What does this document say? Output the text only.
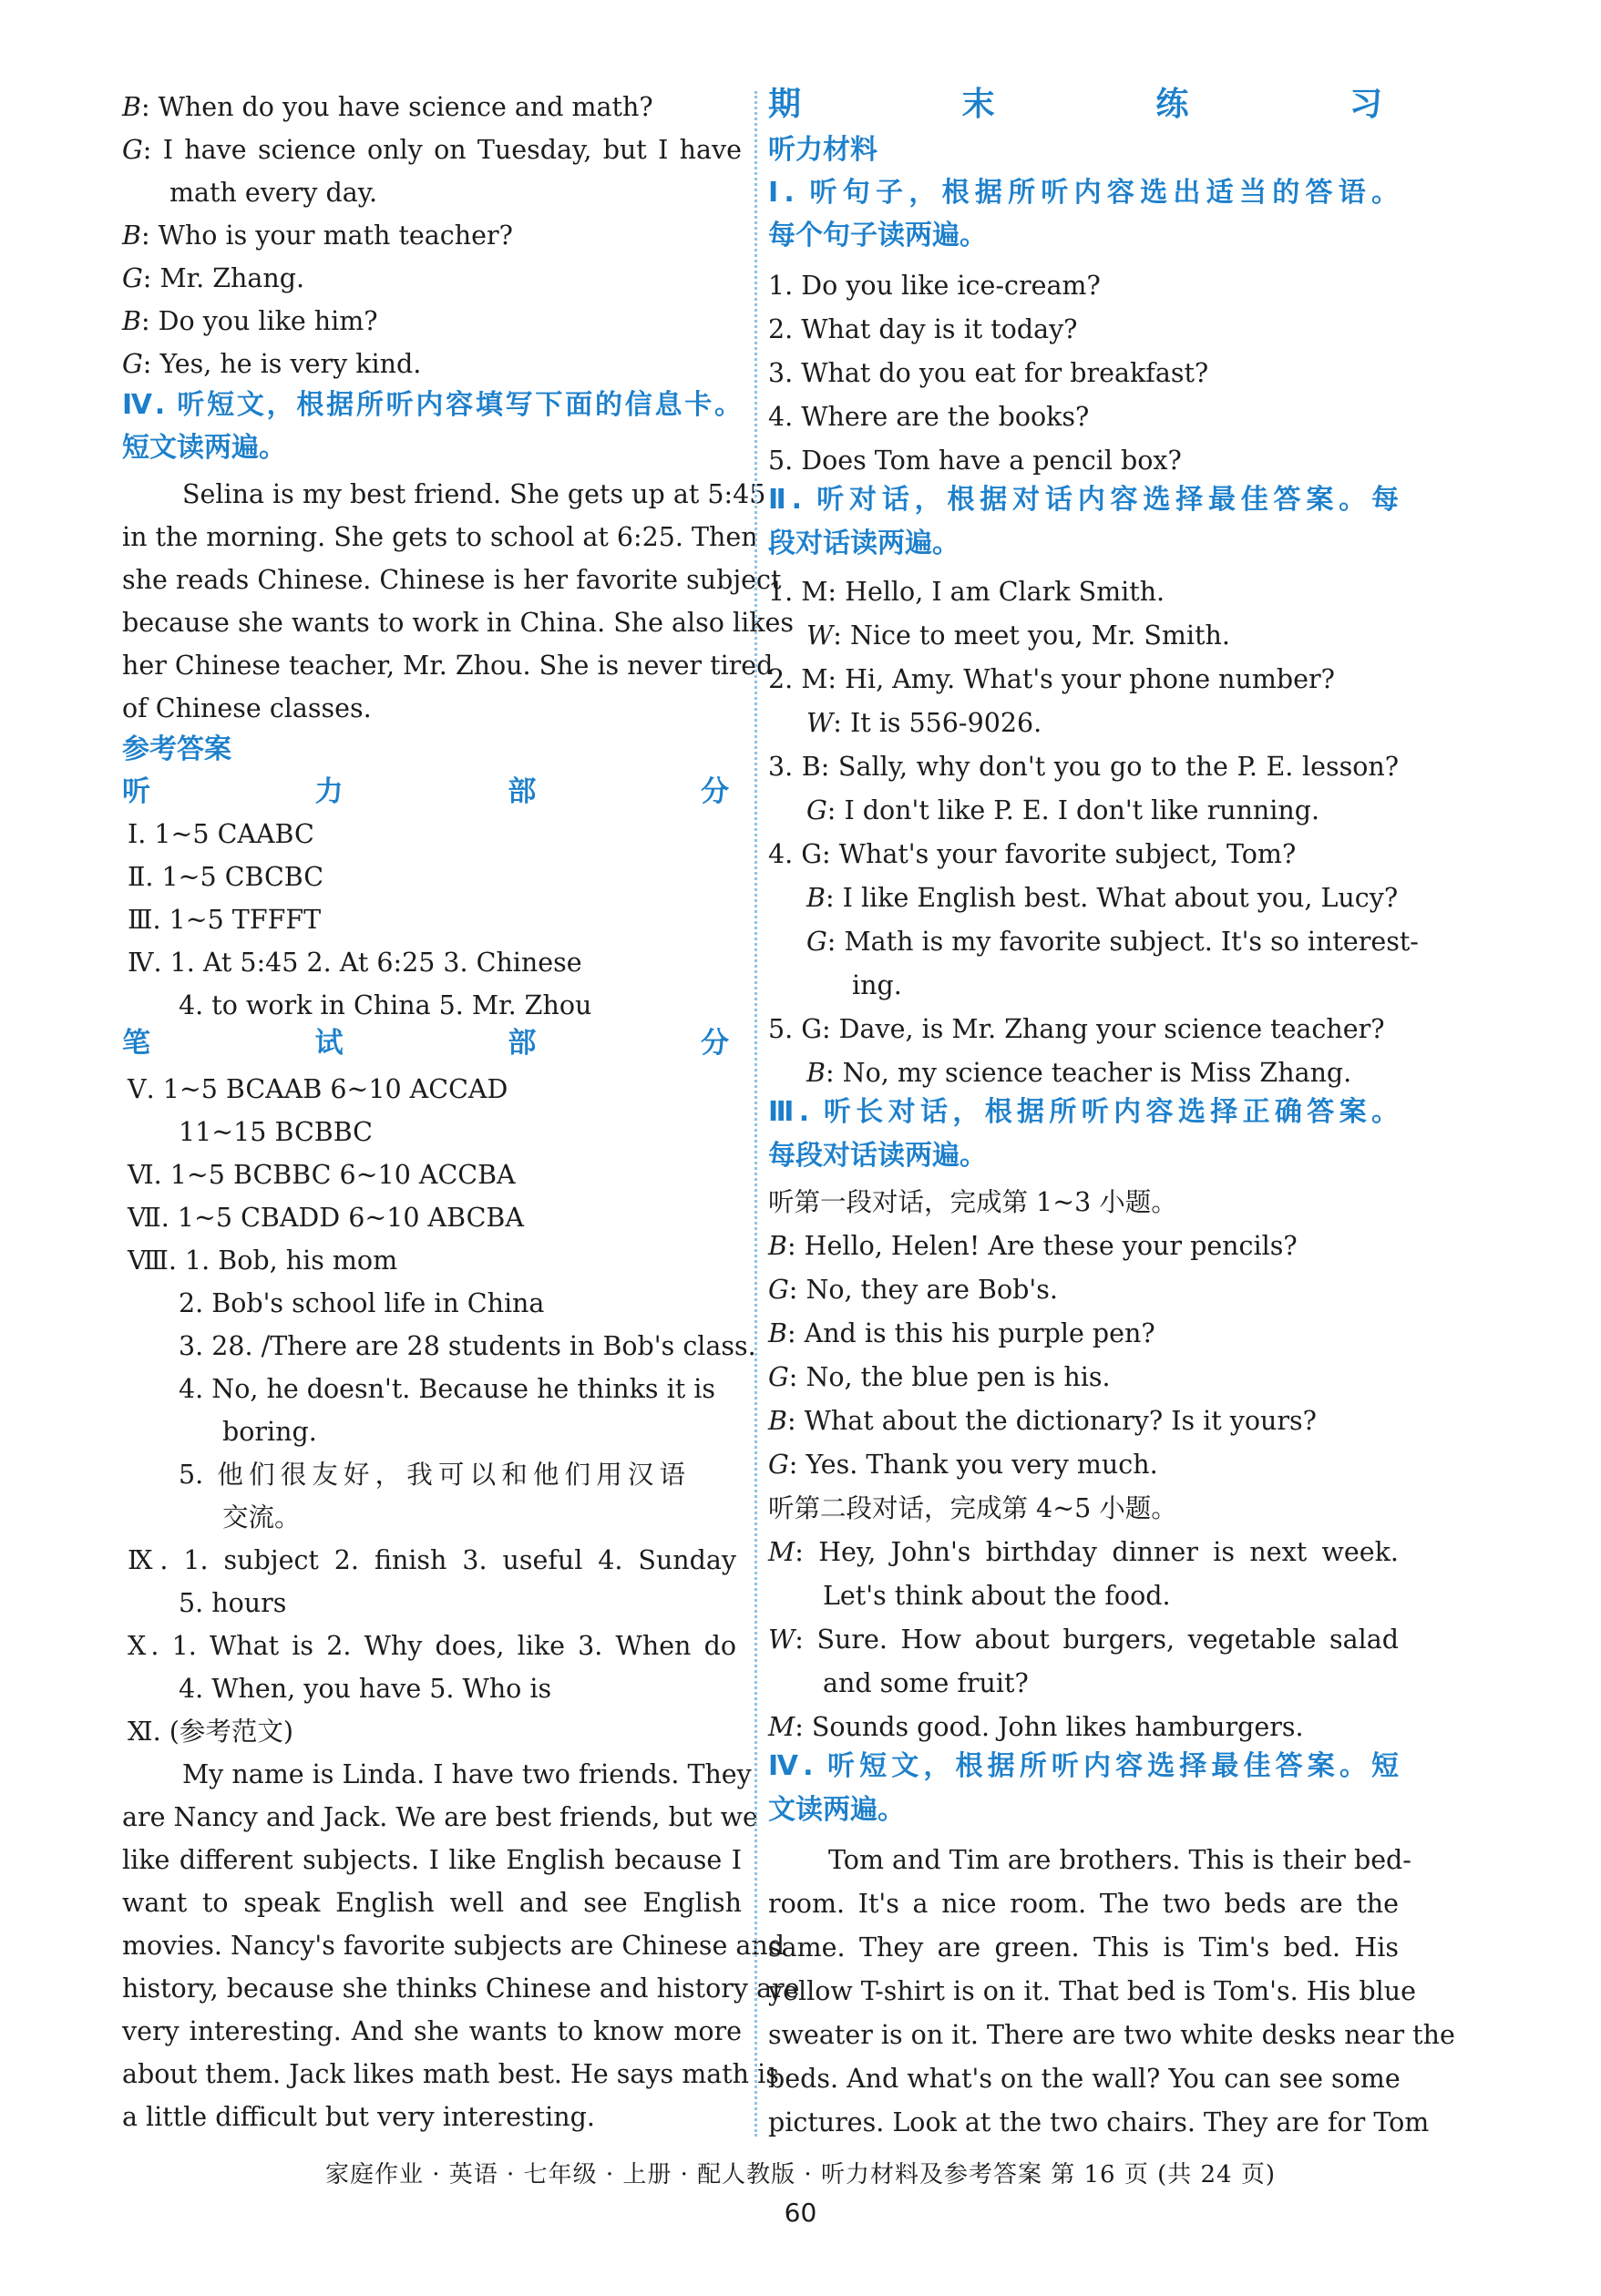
B: When do you have science and math?
G: I have science only on Tuesday, but I have
math every day.
B: Who is your math teacher?
G: Mr. Zhang.
B: Do you like him?
G: Yes, he is very kind.
Ⅳ. 听短文，根据所听内容填写下面的信息卡。
短文读两遍。
Selina is my best friend. She gets up at 5:45
in the morning. She gets to school at 6:25. Then
she reads Chinese. Chinese is her favorite subject
because she wants to work in China. She also likes
her Chinese teacher, Mr. Zhou. She is never tired
of Chinese classes.
参考答案
听力部分
Ⅰ. 1~5 CAABC
Ⅱ. 1~5 CBCBC
Ⅲ. 1~5 TFFFT
Ⅳ. 1. At 5:45 2. At 6:25 3. Chinese
4. to work in China 5. Mr. Zhou
笔试部分
Ⅴ. 1~5 BCAAB 6~10 ACCAD
11~15 BCBBC
Ⅵ. 1~5 BCBBC 6~10 ACCBA
Ⅶ. 1~5 CBADD 6~10 ABCBA
Ⅷ. 1. Bob, his mom
2. Bob's school life in China
3. 28. /There are 28 students in Bob's class.
4. No, he doesn't. Because he thinks it is
boring.
5. 他们很友好，我可以和他们用汉语
交流。
Ⅸ. 1. subject 2. finish 3. useful 4. Sunday
5. hours
Ⅹ. 1. What is 2. Why does, like 3. When do
4. When, you have 5. Who is
Ⅺ. (参考范文)
My name is Linda. I have two friends. They
are Nancy and Jack. We are best friends, but we
like different subjects. I like English because I
want to speak English well and see English
movies. Nancy's favorite subjects are Chinese and
history, because she thinks Chinese and history are
very interesting. And she wants to know more
about them. Jack likes math best. He says math is
a little difficult but very interesting.
期末练习
听力材料
Ⅰ. 听句子，根据所听内容选出适当的答语。
每个句子读两遍。
1. Do you like ice-cream?
2. What day is it today?
3. What do you eat for breakfast?
4. Where are the books?
5. Does Tom have a pencil box?
Ⅱ. 听对话，根据对话内容选择最佳答案。每
段对话读两遍。
1. M: Hello, I am Clark Smith.
W: Nice to meet you, Mr. Smith.
2. M: Hi, Amy. What's your phone number?
W: It is 556-9026.
3. B: Sally, why don't you go to the P. E. lesson?
G: I don't like P. E. I don't like running.
4. G: What's your favorite subject, Tom?
B: I like English best. What about you, Lucy?
G: Math is my favorite subject. It's so interest-
ing.
5. G: Dave, is Mr. Zhang your science teacher?
B: No, my science teacher is Miss Zhang.
Ⅲ. 听长对话，根据所听内容选择正确答案。
每段对话读两遍。
听第一段对话，完成第 1~3 小题。
B: Hello, Helen! Are these your pencils?
G: No, they are Bob's.
B: And is this his purple pen?
G: No, the blue pen is his.
B: What about the dictionary? Is it yours?
G: Yes. Thank you very much.
听第二段对话，完成第 4~5 小题。
M: Hey, John's birthday dinner is next week.
Let's think about the food.
W: Sure. How about burgers, vegetable salad
and some fruit?
M: Sounds good. John likes hamburgers.
Ⅳ. 听短文，根据所听内容选择最佳答案。短
文读两遍。
Tom and Tim are brothers. This is their bed-
room. It's a nice room. The two beds are the
same. They are green. This is Tim's bed. His
yellow T-shirt is on it. That bed is Tom's. His blue
sweater is on it. There are two white desks near the
beds. And what's on the wall? You can see some
pictures. Look at the two chairs. They are for Tom
家庭作业 · 英语 · 七年级 · 上册 · 配人教版 · 听力材料及参考答案 第 16 页 (共 24 页)
60
